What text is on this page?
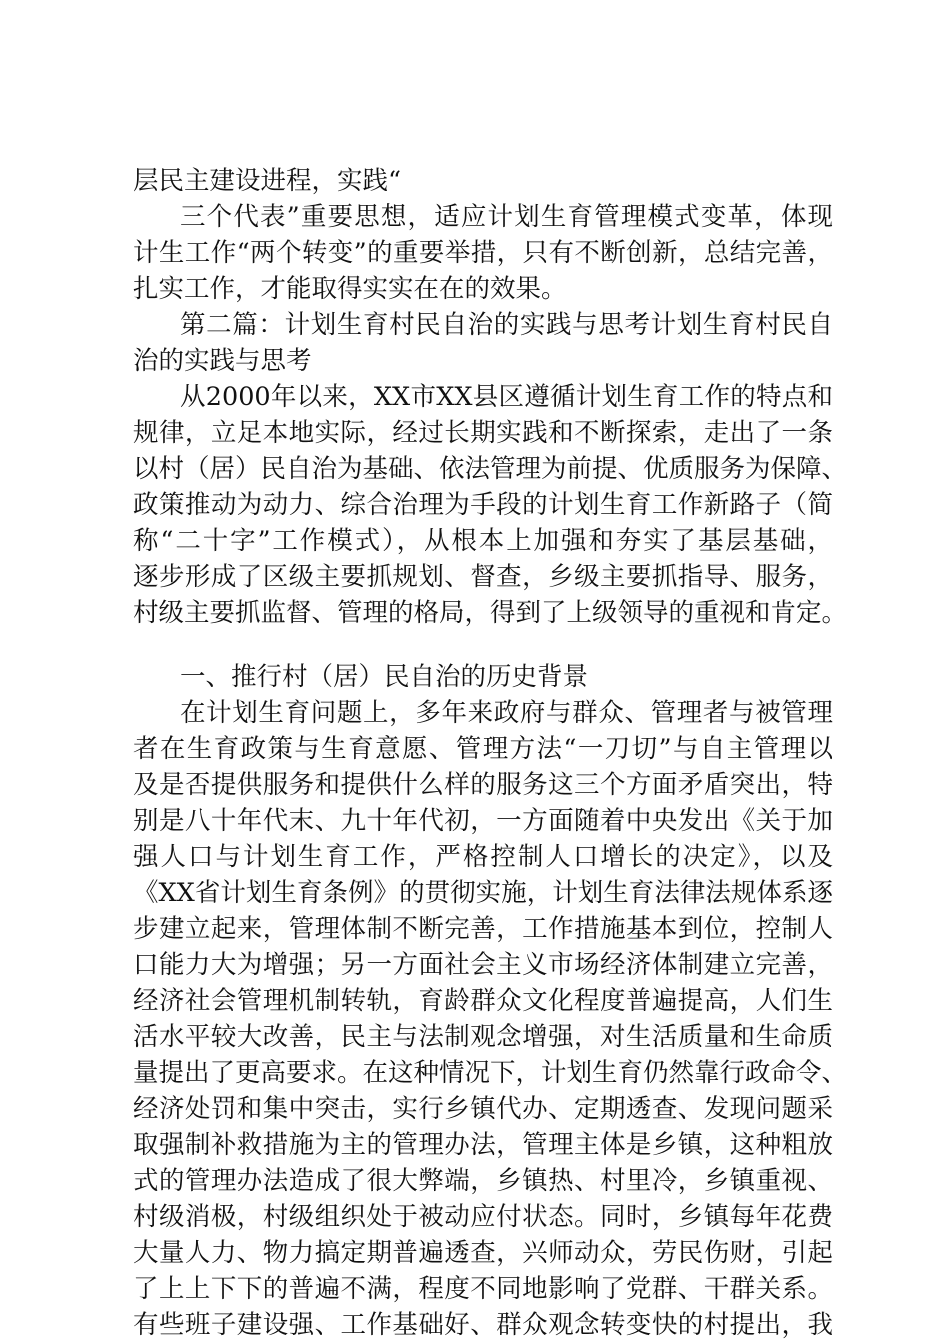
层民主建设进程，实践“
三个代表”重要思想，适应计划生育管理模式变革，体现
计生工作“两个转变”的重要举措，只有不断创新，总结完善，
扎实工作，才能取得实实在在的效果。
第二篇：计划生育村民自治的实践与思考计划生育村民自
治的实践与思考
从2000年以来，XX市XX县区遵循计划生育工作的特点和
规律，立足本地实际，经过长期实践和不断探索，走出了一条
以村（居）民自治为基础、依法管理为前提、优质服务为保障、
政策推动为动力、综合治理为手段的计划生育工作新路子（简
称“二十字”工作模式），从根本上加强和夯实了基层基础，
逐步形成了区级主要抓规划、督查，乡级主要抓指导、服务，
村级主要抓监督、管理的格局，得到了上级领导的重视和肯定。
一、推行村（居）民自治的历史背景
在计划生育问题上，多年来政府与群众、管理者与被管理
者在生育政策与生育意愿、管理方法“一刀切”与自主管理以
及是否提供服务和提供什么样的服务这三个方面矛盾突出，特
别是八十年代末、九十年代初，一方面随着中央发出《关于加
强人口与计划生育工作，严格控制人口增长的决定》，以及
《XX省计划生育条例》的贯彻实施，计划生育法律法规体系逐
步建立起来，管理体制不断完善，工作措施基本到位，控制人
口能力大为增强；另一方面社会主义市场经济体制建立完善，
经济社会管理机制转轨，育龄群众文化程度普遍提高，人们生
活水平较大改善，民主与法制观念增强，对生活质量和生命质
量提出了更高要求。在这种情况下，计划生育仍然靠行政命令、
经济处罚和集中突击，实行乡镇代办、定期透查、发现问题采
取强制补救措施为主的管理办法，管理主体是乡镇，这种粗放
式的管理办法造成了很大弊端，乡镇热、村里冷，乡镇重视、
村级消极，村级组织处于被动应付状态。同时，乡镇每年花费
大量人力、物力搞定期普遍透查，兴师动众，劳民伤财，引起
了上上下下的普遍不满，程度不同地影响了党群、干群关系。
有些班子建设强、工作基础好、群众观念转变快的村提出，我
